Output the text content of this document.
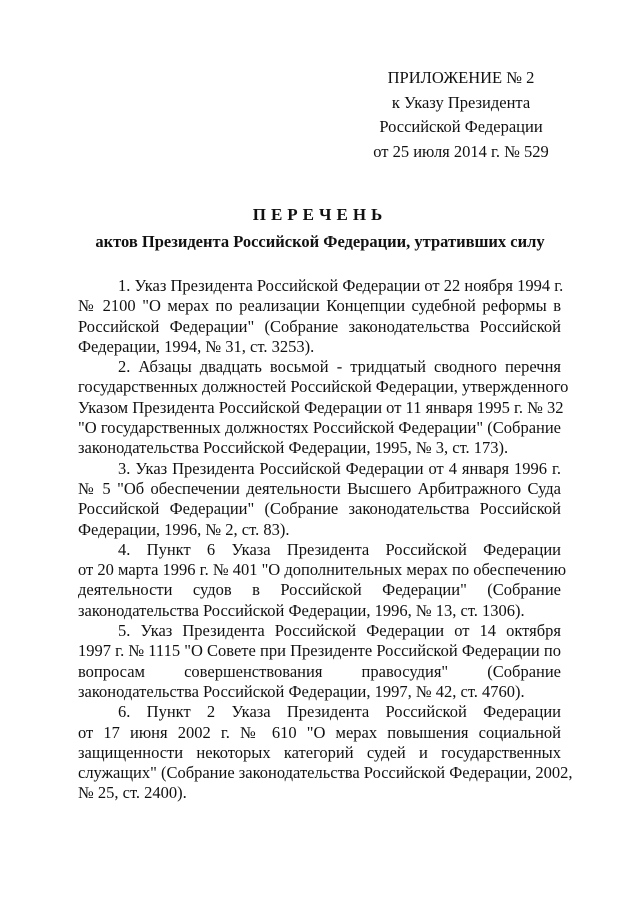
ПРИЛОЖЕНИЕ № 2
к Указу Президента
Российской Федерации
от 25 июля 2014 г. № 529
ПЕРЕЧЕНЬ
актов Президента Российской Федерации, утративших силу
1. Указ Президента Российской Федерации от 22 ноября 1994 г.
№ 2100 "О мерах по реализации Концепции судебной реформы в
Российской Федерации" (Собрание законодательства Российской
Федерации, 1994, № 31, ст. 3253).
2. Абзацы двадцать восьмой - тридцатый сводного перечня
государственных должностей Российской Федерации, утвержденного
Указом Президента Российской Федерации от 11 января 1995 г. № 32
"О государственных должностях Российской Федерации" (Собрание
законодательства Российской Федерации, 1995, № 3, ст. 173).
3. Указ Президента Российской Федерации от 4 января 1996 г.
№ 5 "Об обеспечении деятельности Высшего Арбитражного Суда
Российской Федерации" (Собрание законодательства Российской
Федерации, 1996, № 2, ст. 83).
4. Пункт 6 Указа Президента Российской Федерации
от 20 марта 1996 г. № 401 "О дополнительных мерах по обеспечению
деятельности судов в Российской Федерации" (Собрание
законодательства Российской Федерации, 1996, № 13, ст. 1306).
5. Указ Президента Российской Федерации от 14 октября
1997 г. № 1115 "О Совете при Президенте Российской Федерации по
вопросам совершенствования правосудия" (Собрание
законодательства Российской Федерации, 1997, № 42, ст. 4760).
6. Пункт 2 Указа Президента Российской Федерации
от 17 июня 2002 г. № 610 "О мерах повышения социальной
защищенности некоторых категорий судей и государственных
служащих" (Собрание законодательства Российской Федерации, 2002,
№ 25, ст. 2400).
